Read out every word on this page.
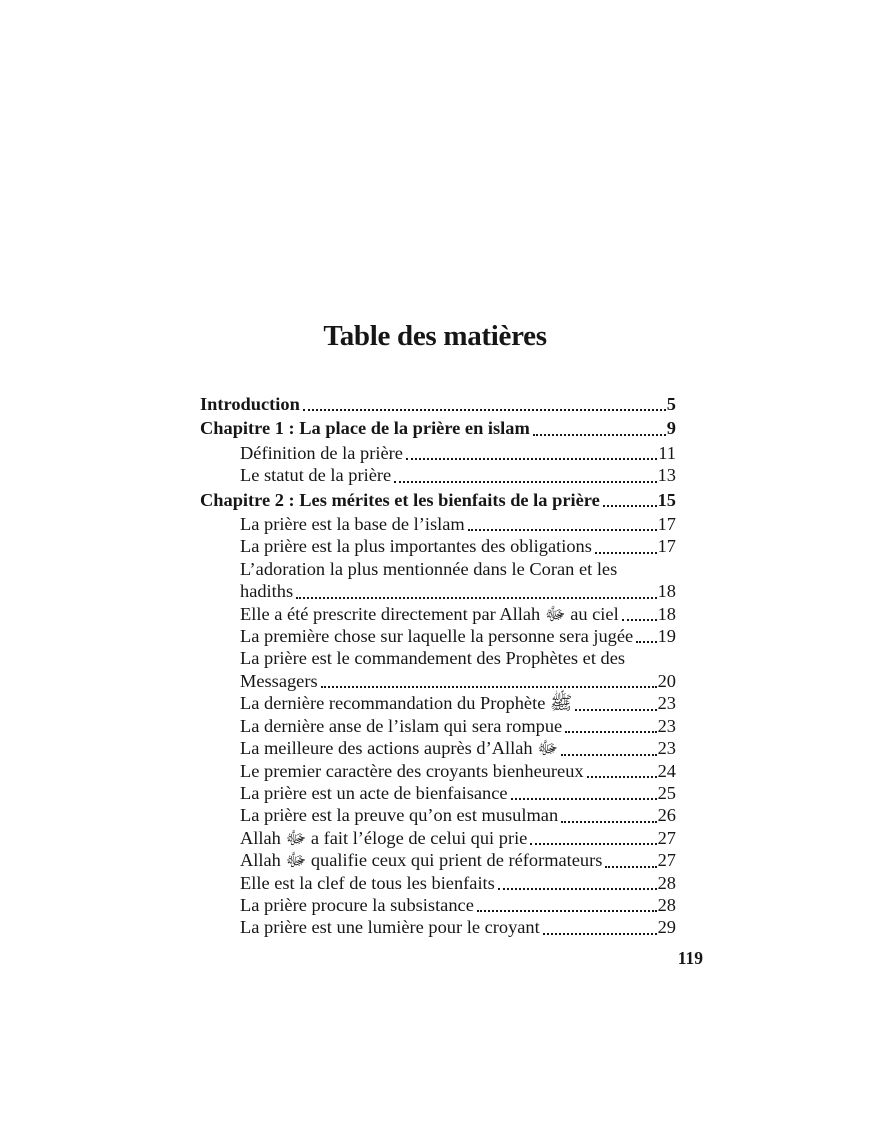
Table des matières
Introduction	5
Chapitre 1 : La place de la prière en islam	9
Définition de la prière	11
Le statut de la prière	13
Chapitre 2 : Les mérites et les bienfaits de la prière	15
La prière est la base de l’islam	17
La prière est la plus importantes des obligations	17
L’adoration la plus mentionnée dans le Coran et les
hadiths	18
Elle a été prescrite directement par Allah ﷻ au ciel 18
La première chose sur laquelle la personne sera jugée 19
La prière est le commandement des Prophètes et des
Messagers	20
La dernière recommandation du Prophète ﷺ	23
La dernière anse de l’islam qui sera rompue	23
La meilleure des actions auprès d’Allah ﷻ	23
Le premier caractère des croyants bienheureux	24
La prière est un acte de bienfaisance	25
La prière est la preuve qu’on est musulman	26
Allah ﷻ a fait l’éloge de celui qui prie	27
Allah ﷻ qualifie ceux qui prient de réformateurs	27
Elle est la clef de tous les bienfaits	28
La prière procure la subsistance	28
La prière est une lumière pour le croyant	29
119
